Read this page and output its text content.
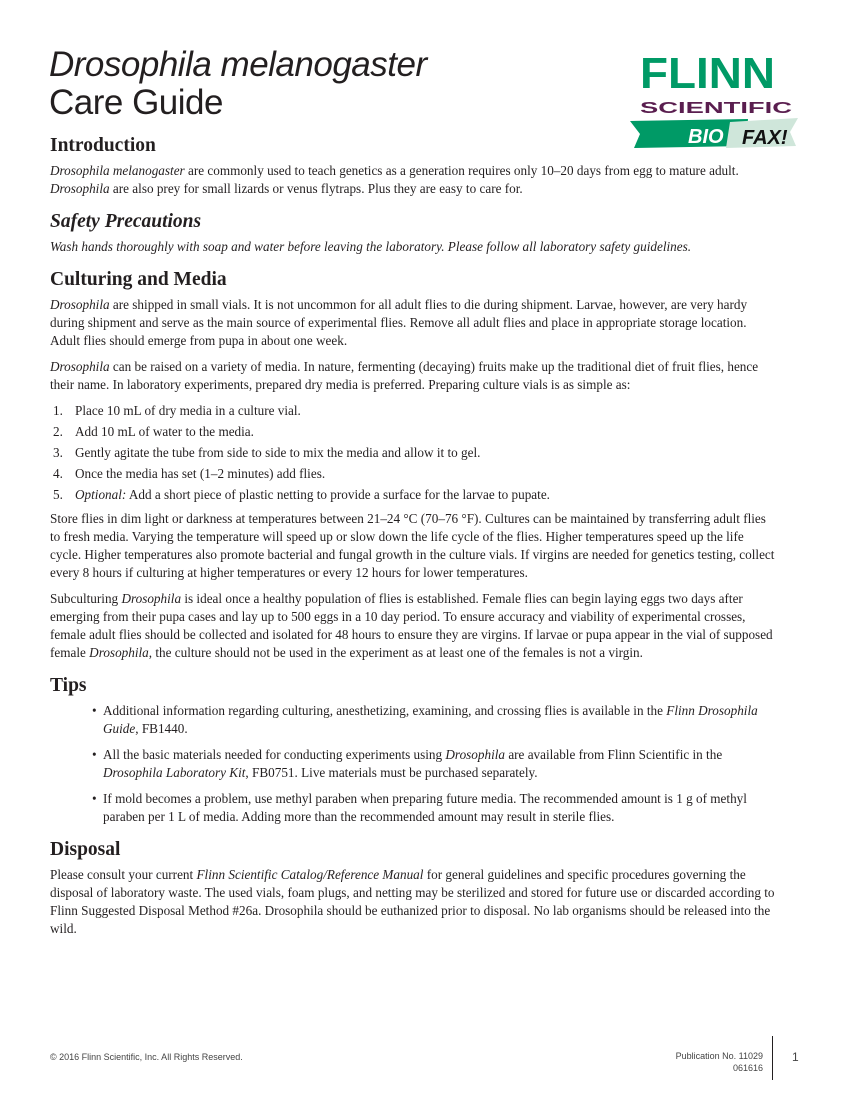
Drosophila melanogaster
Care Guide
FLINN
SCIENTIFIC
BIO FAX!
Introduction

Drosophila melanogaster are commonly used to teach genetics as a generation requires only 10–20 days from egg to mature adult. Drosophila are also prey for small lizards or venus flytraps. Plus they are easy to care for.

Safety Precautions

Wash hands thoroughly with soap and water before leaving the laboratory. Please follow all laboratory safety guidelines.

Culturing and Media

Drosophila are shipped in small vials. It is not uncommon for all adult flies to die during shipment. Larvae, however, are very hardy during shipment and serve as the main source of experimental flies. Remove all adult flies and place in appropriate storage location. Adult flies should emerge from pupa in about one week.

Drosophila can be raised on a variety of media. In nature, fermenting (decaying) fruits make up the traditional diet of fruit flies, hence their name. In laboratory experiments, prepared dry media is preferred. Preparing culture vials is as simple as:

1. Place 10 mL of dry media in a culture vial.
2. Add 10 mL of water to the media.
3. Gently agitate the tube from side to side to mix the media and allow it to gel.
4. Once the media has set (1–2 minutes) add flies.
5. Optional: Add a short piece of plastic netting to provide a surface for the larvae to pupate.

Store flies in dim light or darkness at temperatures between 21–24 °C (70–76 °F). Cultures can be maintained by transferring adult flies to fresh media. Varying the temperature will speed up or slow down the life cycle of the flies. Higher temperatures speed up the life cycle. Higher temperatures also promote bacterial and fungal growth in the culture vials. If virgins are needed for genetics testing, collect every 8 hours if culturing at higher temperatures or every 12 hours for lower temperatures.

Subculturing Drosophila is ideal once a healthy population of flies is established. Female flies can begin laying eggs two days after emerging from their pupa cases and lay up to 500 eggs in a 10 day period. To ensure accuracy and viability of experimental crosses, female adult flies should be collected and isolated for 48 hours to ensure they are virgins. If larvae or pupa appear in the vial of supposed female Drosophila, the culture should not be used in the experiment as at least one of the females is not a virgin.

Tips
• Additional information regarding culturing, anesthetizing, examining, and crossing flies is available in the Flinn Drosophila Guide, FB1440.
• All the basic materials needed for conducting experiments using Drosophila are available from Flinn Scientific in the Drosophila Laboratory Kit, FB0751. Live materials must be purchased separately.
• If mold becomes a problem, use methyl paraben when preparing future media. The recommended amount is 1 g of methyl paraben per 1 L of media. Adding more than the recommended amount may result in sterile flies.
Disposal

Please consult your current Flinn Scientific Catalog/Reference Manual for general guidelines and specific procedures governing the disposal of laboratory waste. The used vials, foam plugs, and netting may be sterilized and stored for future use or discarded according to Flinn Suggested Disposal Method #26a. Drosophila should be euthanized prior to disposal. No lab organisms should be released into the wild.

© 2016 Flinn Scientific, Inc. All Rights Reserved.	Publication No. 11029
061616
1
